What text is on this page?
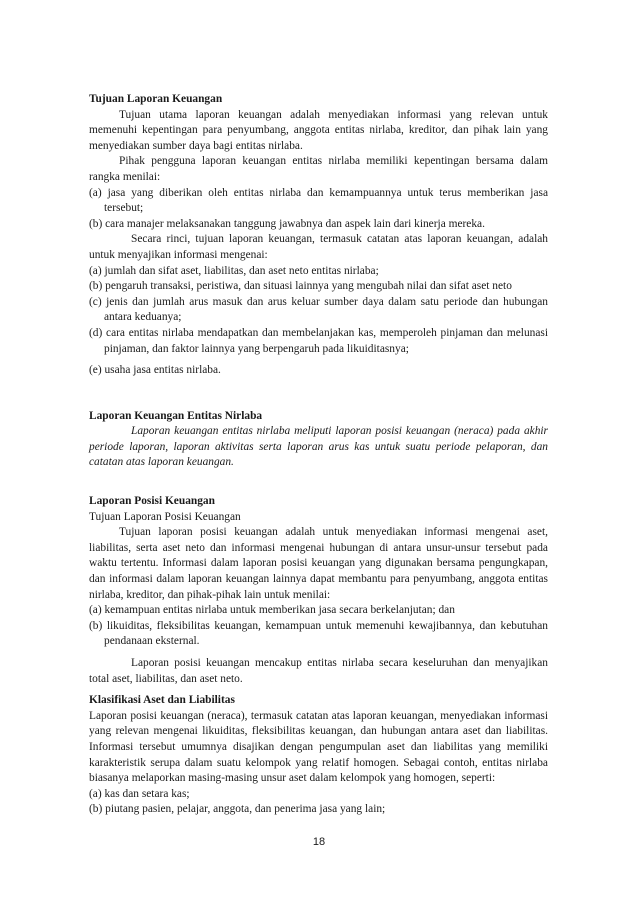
Tujuan Laporan Keuangan

Tujuan utama laporan keuangan adalah menyediakan informasi yang relevan untuk memenuhi kepentingan para penyumbang, anggota entitas nirlaba, kreditor, dan pihak lain yang menyediakan sumber daya bagi entitas nirlaba.

Pihak pengguna laporan keuangan entitas nirlaba memiliki kepentingan bersama dalam rangka menilai:

(a) jasa yang diberikan oleh entitas nirlaba dan kemampuannya untuk terus memberikan jasa tersebut;

(b) cara manajer melaksanakan tanggung jawabnya dan aspek lain dari kinerja mereka.

Secara rinci, tujuan laporan keuangan, termasuk catatan atas laporan keuangan, adalah untuk menyajikan informasi mengenai:

(a) jumlah dan sifat aset, liabilitas, dan aset neto entitas nirlaba;

(b) pengaruh transaksi, peristiwa, dan situasi lainnya yang mengubah nilai dan sifat aset neto

(c) jenis dan jumlah arus masuk dan arus keluar sumber daya dalam satu periode dan hubungan antara keduanya;

(d) cara entitas nirlaba mendapatkan dan membelanjakan kas, memperoleh pinjaman dan melunasi pinjaman, dan faktor lainnya yang berpengaruh pada likuiditasnya;

(e) usaha jasa entitas nirlaba.

Laporan Keuangan Entitas Nirlaba

Laporan keuangan entitas nirlaba meliputi laporan posisi keuangan (neraca) pada akhir periode laporan, laporan aktivitas serta laporan arus kas untuk suatu periode pelaporan, dan catatan atas laporan keuangan.

Laporan Posisi Keuangan

Tujuan Laporan Posisi Keuangan

Tujuan laporan posisi keuangan adalah untuk menyediakan informasi mengenai aset, liabilitas, serta aset neto dan informasi mengenai hubungan di antara unsur-unsur tersebut pada waktu tertentu. Informasi dalam laporan posisi keuangan yang digunakan bersama pengungkapan, dan informasi dalam laporan keuangan lainnya dapat membantu para penyumbang, anggota entitas nirlaba, kreditor, dan pihak-pihak lain untuk menilai:

(a) kemampuan entitas nirlaba untuk memberikan jasa secara berkelanjutan; dan

(b) likuiditas, fleksibilitas keuangan, kemampuan untuk memenuhi kewajibannya, dan kebutuhan pendanaan eksternal.

Laporan posisi keuangan mencakup entitas nirlaba secara keseluruhan dan menyajikan total aset, liabilitas, dan aset neto.

Klasifikasi Aset dan Liabilitas

Laporan posisi keuangan (neraca), termasuk catatan atas laporan keuangan, menyediakan informasi yang relevan mengenai likuiditas, fleksibilitas keuangan, dan hubungan antara aset dan liabilitas. Informasi tersebut umumnya disajikan dengan pengumpulan aset dan liabilitas yang memiliki karakteristik serupa dalam suatu kelompok yang relatif homogen. Sebagai contoh, entitas nirlaba biasanya melaporkan masing-masing unsur aset dalam kelompok yang homogen, seperti:

(a) kas dan setara kas;

(b) piutang pasien, pelajar, anggota, dan penerima jasa yang lain;

18
